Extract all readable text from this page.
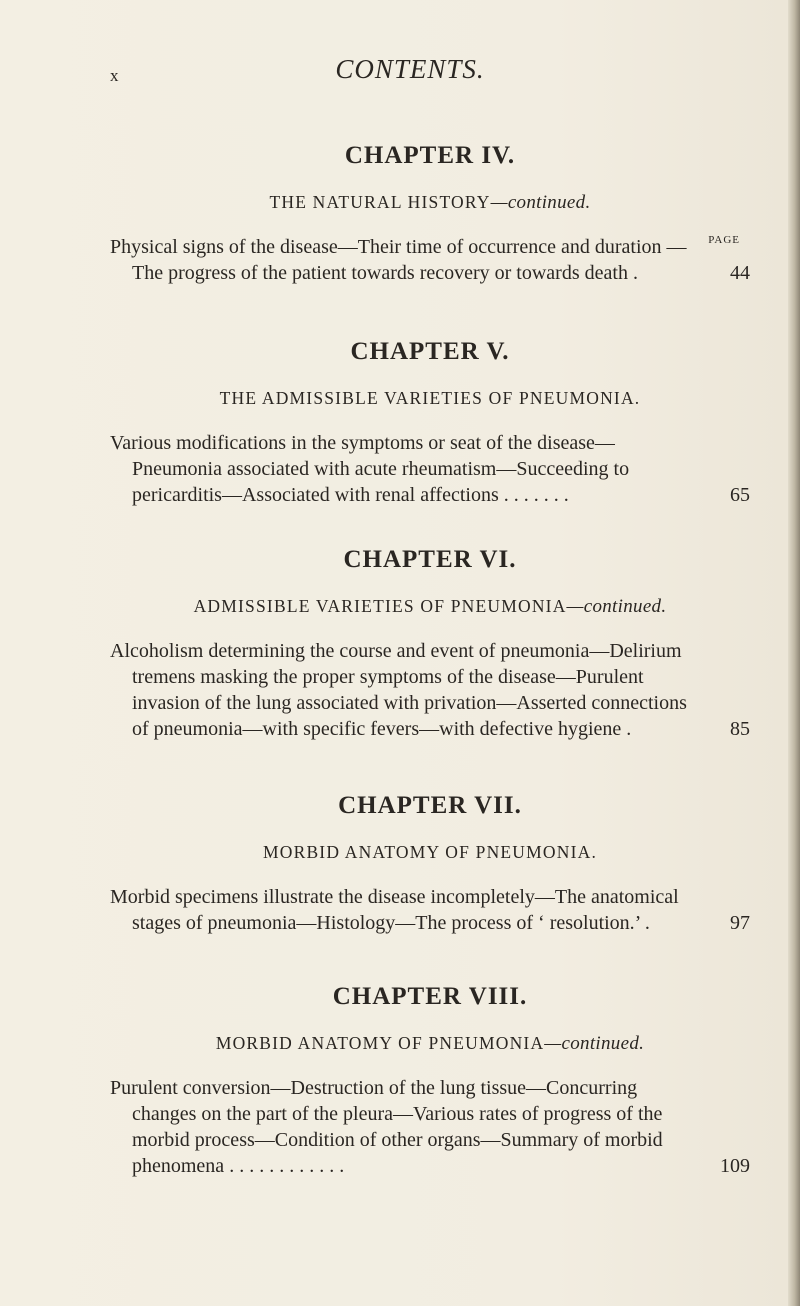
x	CONTENTS.
CHAPTER IV.
THE NATURAL HISTORY—continued.
PAGE

Physical signs of the disease—Their time of occurrence and duration —The progress of the patient towards recovery or towards death .	44
CHAPTER V.
THE ADMISSIBLE VARIETIES OF PNEUMONIA.

Various modifications in the symptoms or seat of the disease—Pneumonia associated with acute rheumatism—Succeeding to pericarditis—Associated with renal affections . . . . . . .	65
CHAPTER VI.
ADMISSIBLE VARIETIES OF PNEUMONIA—continued.

Alcoholism determining the course and event of pneumonia—Delirium tremens masking the proper symptoms of the disease—Purulent invasion of the lung associated with privation—Asserted connections of pneumonia—with specific fevers—with defective hygiene .	85
CHAPTER VII.
MORBID ANATOMY OF PNEUMONIA.

Morbid specimens illustrate the disease incompletely—The anatomical stages of pneumonia—Histology—The process of ‘ resolution.’ .	97
CHAPTER VIII.
MORBID ANATOMY OF PNEUMONIA—continued.

Purulent conversion—Destruction of the lung tissue—Concurring changes on the part of the pleura—Various rates of progress of the morbid process—Condition of other organs—Summary of morbid phenomena . . . . . . . . . . . .	109
